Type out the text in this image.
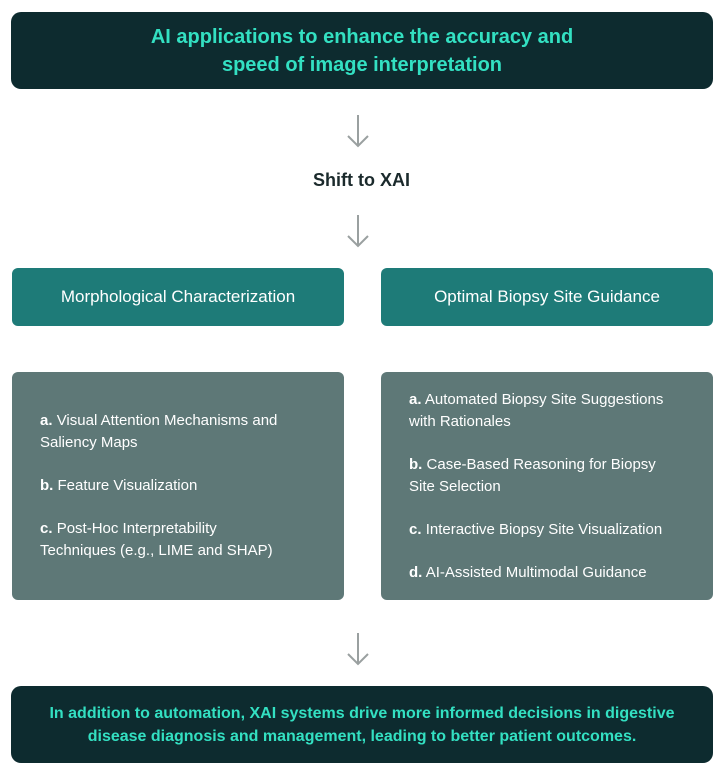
AI applications to enhance the accuracy and
speed of image interpretation
Shift to XAI
Morphological Characterization	Optimal Biopsy Site Guidance

a. Visual Attention Mechanisms and
Saliency Maps

b. Feature Visualization

c. Post-Hoc Interpretability
Techniques (e.g., LIME and SHAP)

a. Automated Biopsy Site Suggestions
with Rationales

b. Case-Based Reasoning for Biopsy
Site Selection

c. Interactive Biopsy Site Visualization

d. AI-Assisted Multimodal Guidance

In addition to automation, XAI systems drive more informed decisions in digestive
disease diagnosis and management, leading to better patient outcomes.
